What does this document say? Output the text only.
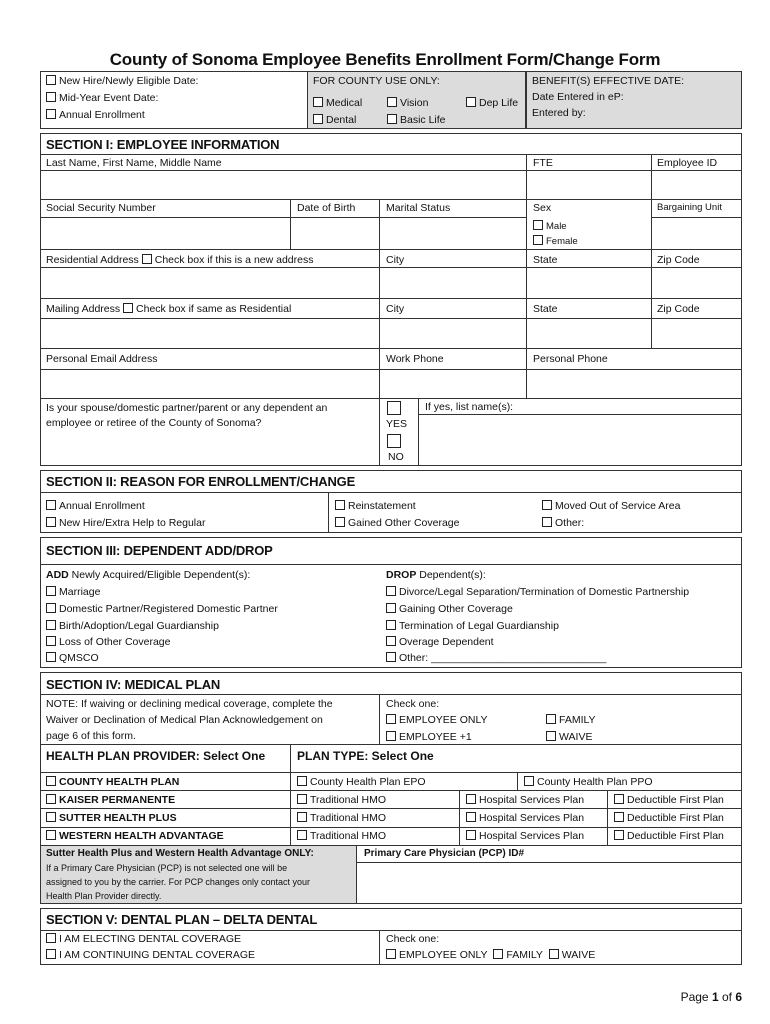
County of Sonoma Employee Benefits Enrollment Form/Change Form
New Hire/Newly Eligible Date:
Mid-Year Event Date:
Annual Enrollment
FOR COUNTY USE ONLY:
Medical	Vision	Dep Life
Dental	Basic Life
BENEFIT(S) EFFECTIVE DATE:
Date Entered in eP:
Entered by:
SECTION I: EMPLOYEE INFORMATION
Last Name, First Name, Middle Name	FTE	Employee ID
Social Security Number	Date of Birth	Marital Status	Sex	Bargaining Unit
Male
Female
Residential Address Check box if this is a new address	City	State	Zip Code
Mailing Address Check box if same as Residential	City	State	Zip Code
Personal Email Address	Work Phone	Personal Phone
Is your spouse/domestic partner/parent or any dependent an
employee or retiree of the County of Sonoma?	YES
NO
If yes, list name(s):
SECTION II: REASON FOR ENROLLMENT/CHANGE
Annual Enrollment
New Hire/Extra Help to Regular
Reinstatement
Gained Other Coverage
Moved Out of Service Area
Other:
SECTION III: DEPENDENT ADD/DROP
ADD Newly Acquired/Eligible Dependent(s):
Marriage
Domestic Partner/Registered Domestic Partner
Birth/Adoption/Legal Guardianship
Loss of Other Coverage
QMSCO
DROP Dependent(s):
Divorce/Legal Separation/Termination of Domestic Partnership
Gaining Other Coverage
Termination of Legal Guardianship
Overage Dependent
Other: ______________________________
SECTION IV: MEDICAL PLAN
NOTE: If waiving or declining medical coverage, complete the
Waiver or Declination of Medical Plan Acknowledgement on
page 6 of this form.
Check one:
EMPLOYEE ONLY	FAMILY
EMPLOYEE +1	WAIVE
HEALTH PLAN PROVIDER: Select One	PLAN TYPE: Select One
COUNTY HEALTH PLAN	County Health Plan EPO	County Health Plan PPO
KAISER PERMANENTE	Traditional HMO	Hospital Services Plan	Deductible First Plan
SUTTER HEALTH PLUS	Traditional HMO	Hospital Services Plan	Deductible First Plan
WESTERN HEALTH ADVANTAGE	Traditional HMO	Hospital Services Plan	Deductible First Plan
Sutter Health Plus and Western Health Advantage ONLY:
If a Primary Care Physician (PCP) is not selected one will be
assigned to you by the carrier. For PCP changes only contact your
Health Plan Provider directly.
Primary Care Physician (PCP) ID#
SECTION V: DENTAL PLAN – DELTA DENTAL
I AM ELECTING DENTAL COVERAGE
I AM CONTINUING DENTAL COVERAGE
Check one:
EMPLOYEE ONLY FAMILY WAIVE
Page 1 of 6
